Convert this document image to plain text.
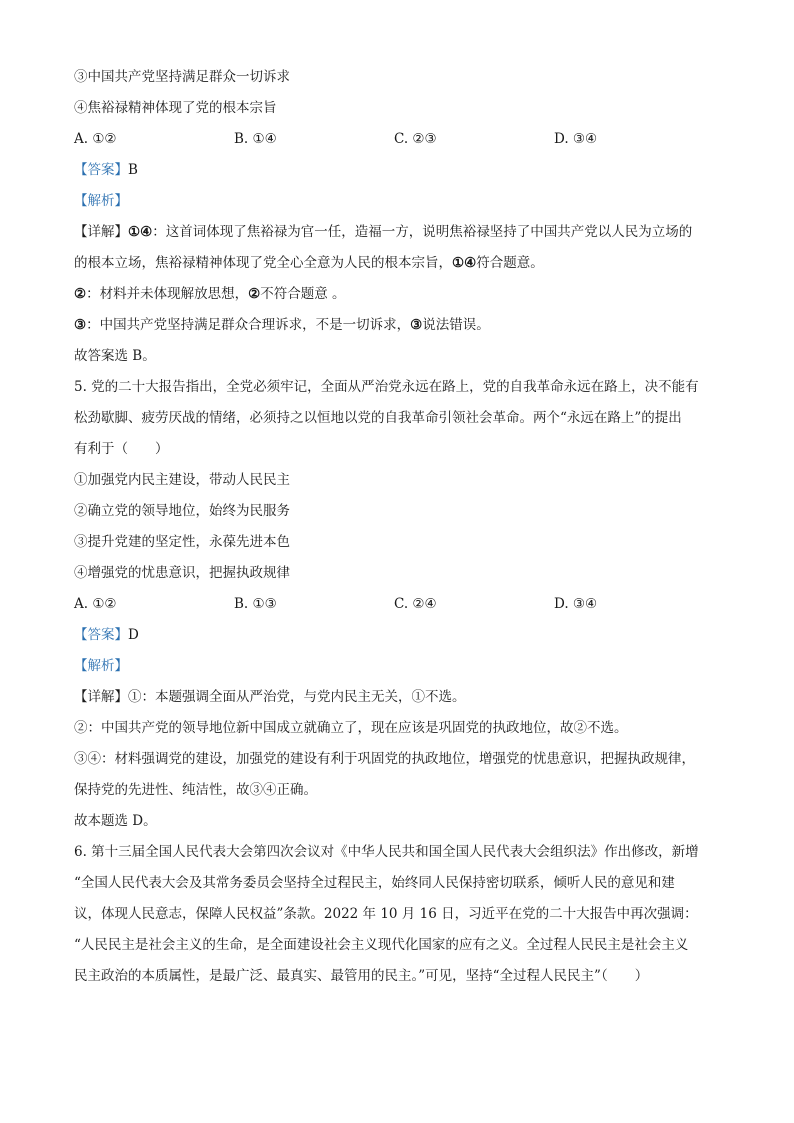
③中国共产党坚持满足群众一切诉求
④焦裕禄精神体现了党的根本宗旨
A. ①②	B. ①④	C. ②③	D. ③④
【答案】B
【解析】
【详解】①④：这首词体现了焦裕禄为官一任，造福一方，说明焦裕禄坚持了中国共产党以人民为立场的
的根本立场，焦裕禄精神体现了党全心全意为人民的根本宗旨，①④符合题意。
②：材料并未体现解放思想，②不符合题意 。
③：中国共产党坚持满足群众合理诉求，不是一切诉求，③说法错误。
故答案选 B。
5. 党的二十大报告指出，全党必须牢记，全面从严治党永远在路上，党的自我革命永远在路上，决不能有
松劲歇脚、疲劳厌战的情绪，必须持之以恒地以党的自我革命引领社会革命。两个“永远在路上”的提出
有利于（　　）
①加强党内民主建设，带动人民民主
②确立党的领导地位，始终为民服务
③提升党建的坚定性，永葆先进本色
④增强党的忧患意识，把握执政规律
A. ①②	B. ①③	C. ②④	D. ③④
【答案】D
【解析】
【详解】①：本题强调全面从严治党，与党内民主无关，①不选。
②：中国共产党的领导地位新中国成立就确立了，现在应该是巩固党的执政地位，故②不选。
③④：材料强调党的建设，加强党的建设有利于巩固党的执政地位，增强党的忧患意识，把握执政规律，
保持党的先进性、纯洁性，故③④正确。
故本题选 D。
6. 第十三届全国人民代表大会第四次会议对《中华人民共和国全国人民代表大会组织法》作出修改，新增
“全国人民代表大会及其常务委员会坚持全过程民主，始终同人民保持密切联系，倾听人民的意见和建
议，体现人民意志，保障人民权益”条款。2022 年 10 月 16 日，习近平在党的二十大报告中再次强调：
“人民民主是社会主义的生命，是全面建设社会主义现代化国家的应有之义。全过程人民民主是社会主义
民主政治的本质属性，是最广泛、最真实、最管用的民主。”可见，坚持“全过程人民民主”（　　）
